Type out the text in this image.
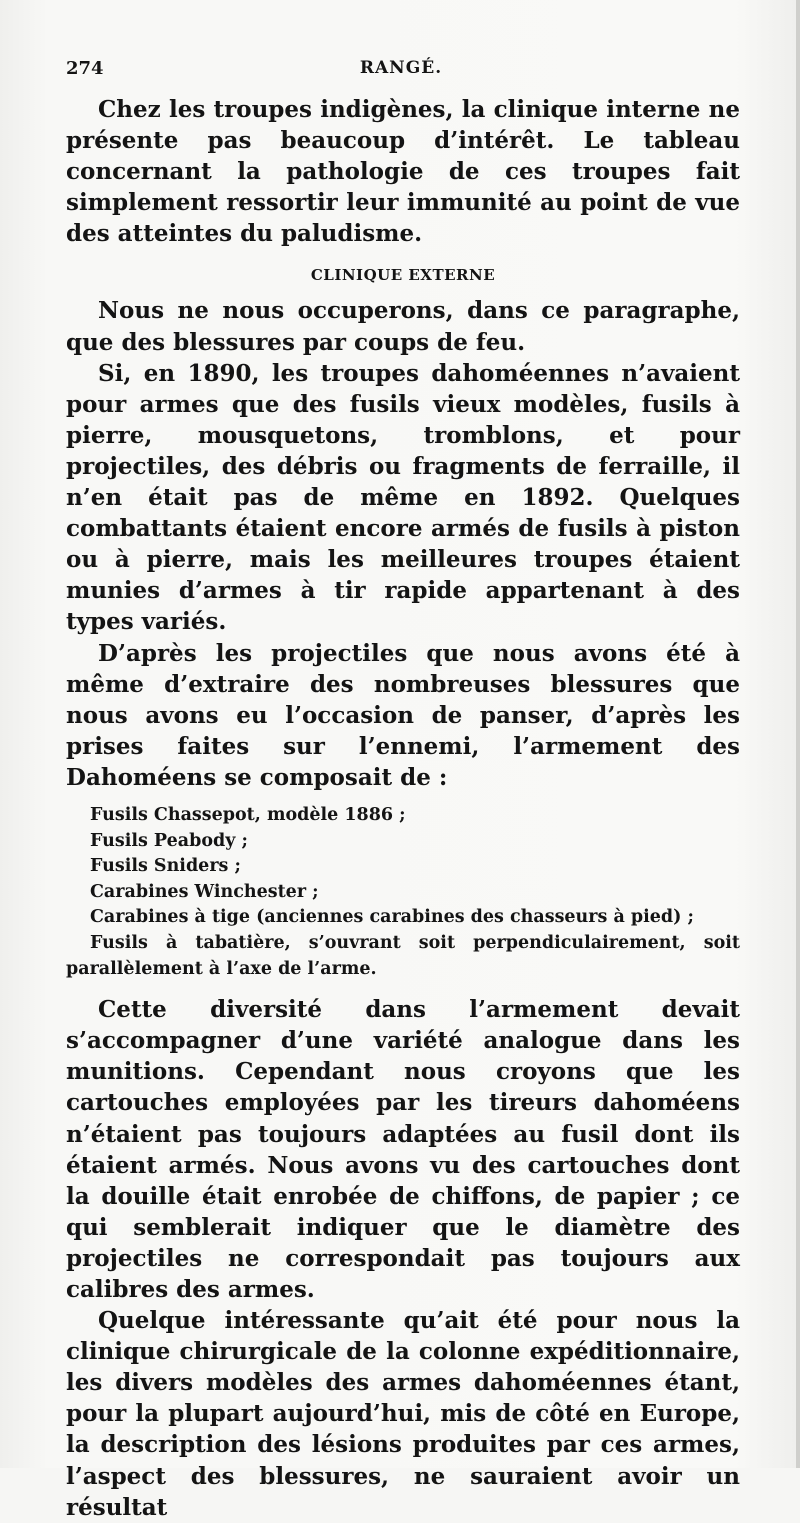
274	RANGÉ.

Chez les troupes indigènes, la clinique interne ne présente pas beaucoup d’intérêt. Le tableau concernant la pathologie de ces troupes fait simplement ressortir leur immunité au point de vue des atteintes du paludisme.

CLINIQUE EXTERNE

Nous ne nous occuperons, dans ce paragraphe, que des blessures par coups de feu.

Si, en 1890, les troupes dahoméennes n’avaient pour armes que des fusils vieux modèles, fusils à pierre, mousquetons, tromblons, et pour projectiles, des débris ou fragments de ferraille, il n’en était pas de même en 1892. Quelques combattants étaient encore armés de fusils à piston ou à pierre, mais les meilleures troupes étaient munies d’armes à tir rapide appartenant à des types variés.

D’après les projectiles que nous avons été à même d’extraire des nombreuses blessures que nous avons eu l’occasion de panser, d’après les prises faites sur l’ennemi, l’armement des Dahoméens se composait de :

Fusils Chassepot, modèle 1886 ;
Fusils Peabody ;
Fusils Sniders ;
Carabines Winchester ;
Carabines à tige (anciennes carabines des chasseurs à pied) ;
Fusils à tabatière, s’ouvrant soit perpendiculairement, soit parallèlement à l’axe de l’arme.

Cette diversité dans l’armement devait s’accompagner d’une variété analogue dans les munitions. Cependant nous croyons que les cartouches employées par les tireurs dahoméens n’étaient pas toujours adaptées au fusil dont ils étaient armés. Nous avons vu des cartouches dont la douille était enrobée de chiffons, de papier ; ce qui semblerait indiquer que le diamètre des projectiles ne correspondait pas toujours aux calibres des armes.

Quelque intéressante qu’ait été pour nous la clinique chirurgicale de la colonne expéditionnaire, les divers modèles des armes dahoméennes étant, pour la plupart aujourd’hui, mis de côté en Europe, la description des lésions produites par ces armes, l’aspect des blessures, ne sauraient avoir un résultat
